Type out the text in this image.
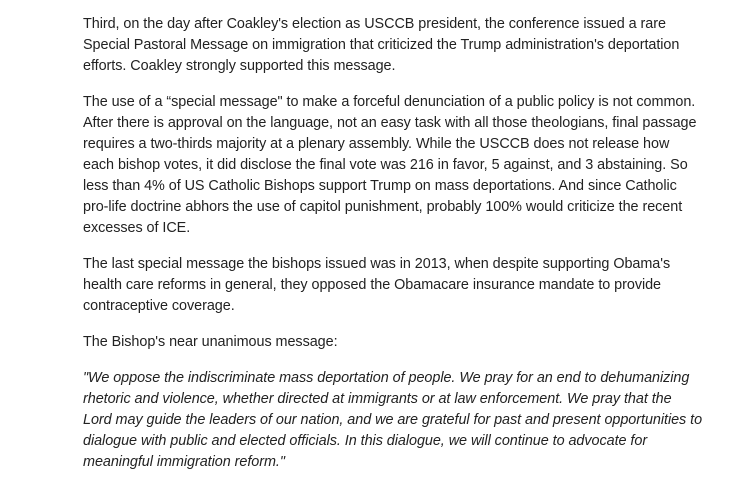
Third, on the day after Coakley's election as USCCB president, the conference issued a rare Special Pastoral Message on immigration that criticized the Trump administration's deportation efforts. Coakley strongly supported this message.

The use of a “special message" to make a forceful denunciation of a public policy is not common. After there is approval on the language, not an easy task with all those theologians, final passage requires a two-thirds majority at a plenary assembly. While the USCCB does not release how each bishop votes, it did disclose the final vote was 216 in favor, 5 against, and 3 abstaining. So less than 4% of US Catholic Bishops support Trump on mass deportations. And since Catholic pro-life doctrine abhors the use of capitol punishment, probably 100% would criticize the recent excesses of ICE.

The last special message the bishops issued was in 2013, when despite supporting Obama's health care reforms in general, they opposed the Obamacare insurance mandate to provide contraceptive coverage.

The Bishop's near unanimous message:

"We oppose the indiscriminate mass deportation of people. We pray for an end to dehumanizing rhetoric and violence, whether directed at immigrants or at law enforcement. We pray that the Lord may guide the leaders of our nation, and we are grateful for past and present opportunities to dialogue with public and elected officials. In this dialogue, we will continue to advocate for meaningful immigration reform."
